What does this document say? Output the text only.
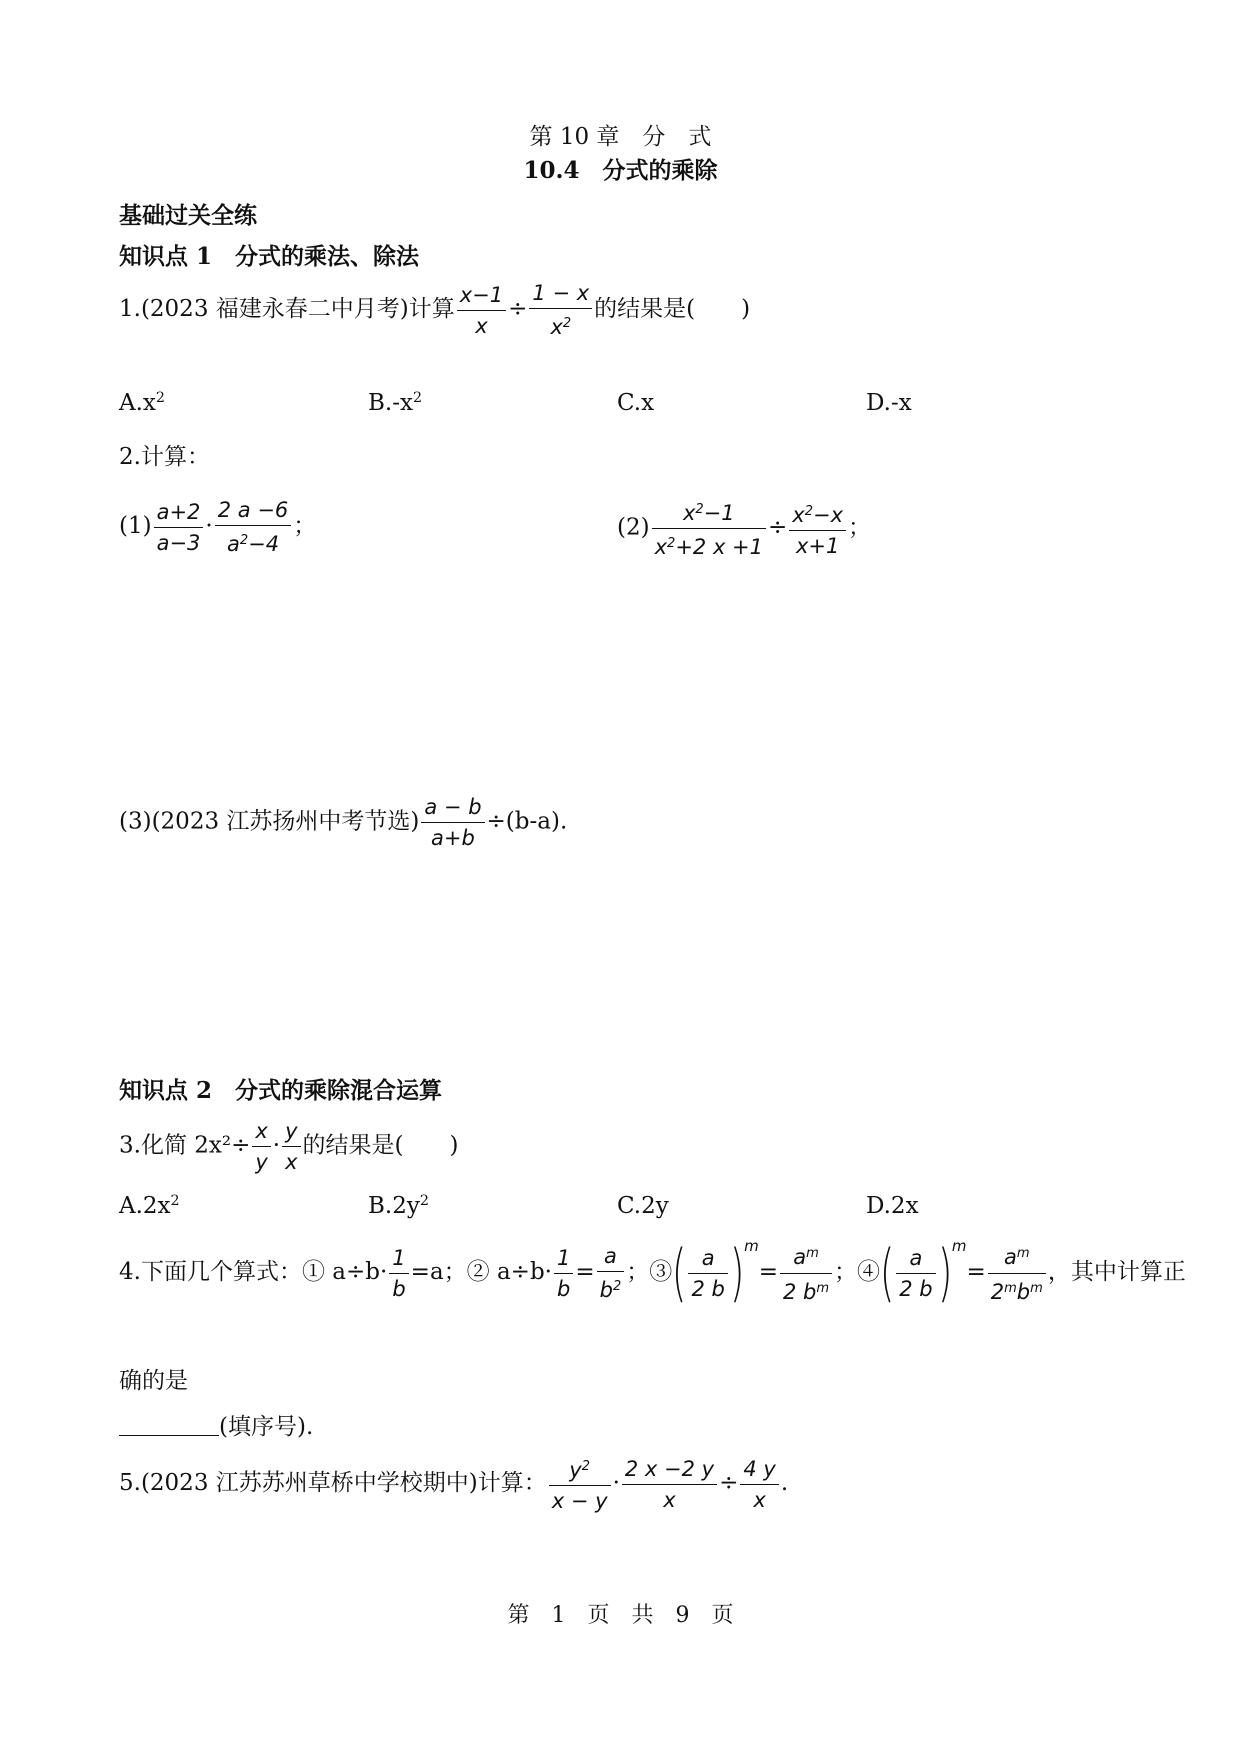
第 10 章　分　式
10.4　分式的乘除
基础过关全练
知识点 1　分式的乘法、除法
1.(2023 福建永春二中月考)计算 $\frac{x-1}{x} \div \frac{1 - x}{x^2}$ 的结果是(　　)
$A.x^2$	$B.-x^2$	C.x	D.-x
2.计算：
$(1) \frac{a+2}{a-3} \cdot \frac{2 a -6}{a^2-4}$ ；	$(2) \frac{x^2-1}{x^2+2 x +1} \div \frac{x^2-x}{x+1}$ ；
(3)(2023 江苏扬州中考节选) $\frac{a - b}{a+b} \div(b-a)$.
知识点 2　分式的乘除混合运算
3.化简 $2x^2\div \frac{x}{y} \cdot \frac{y}{x}$ 的结果是(　　)
$A.2x^2$	$B.2y^2$	C.2y	D.2x
4.下面几个算式：① $a\div b\cdot \frac{1}{b} =a$；② $a\div b\cdot \frac{1}{b} = \frac{a}{b^2}$ ；③( $\frac{a}{2 b} )^m= \frac{a^m}{2 b^m}$ ；④( $\frac{a}{2 b} )^m= \frac{a^m}{2^mb^m}$ ，其中计算正
确的是
(填序号).
5.(2023 江苏苏州草桥中学校期中)计算： $\frac{y^2}{x - y} \cdot \frac{2 x -2 y}{x} \div \frac{4 y}{x}$ .
第　1　页　共　9　页
